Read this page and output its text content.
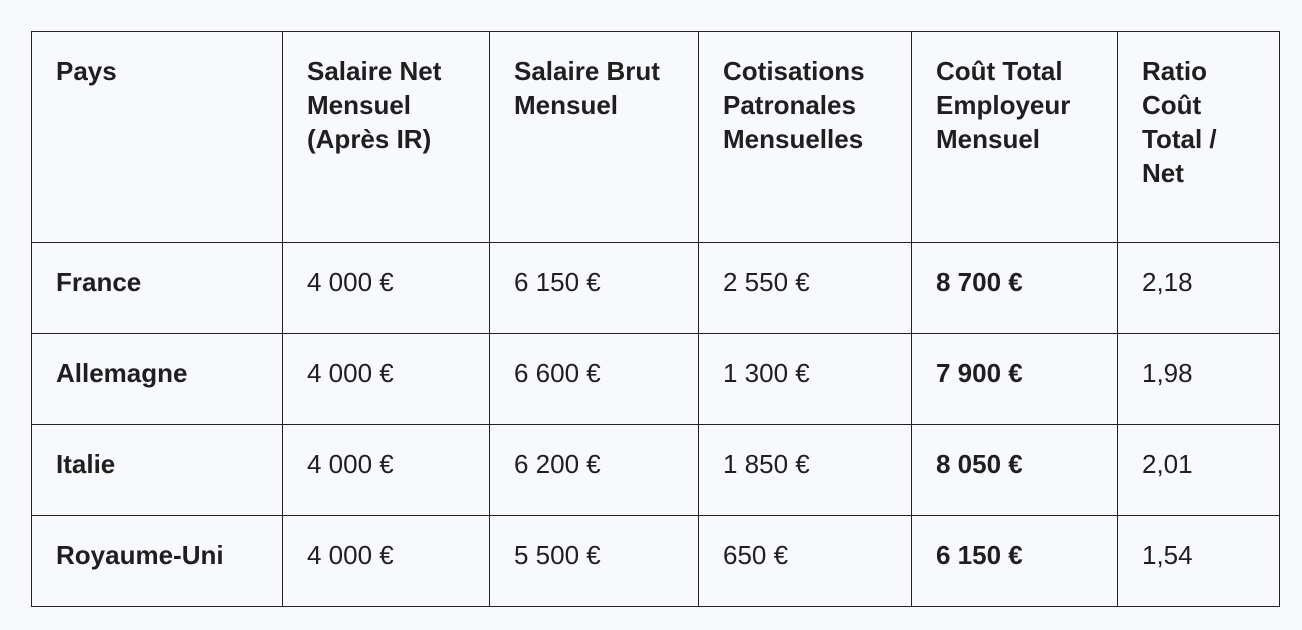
Pays	Salaire Net Mensuel (Après IR)	Salaire Brut Mensuel	Cotisations Patronales Mensuelles	Coût Total Employeur Mensuel	Ratio Coût Total / Net
France	4 000 €	6 150 €	2 550 €	8 700 €	2,18
Allemagne	4 000 €	6 600 €	1 300 €	7 900 €	1,98
Italie	4 000 €	6 200 €	1 850 €	8 050 €	2,01
Royaume-Uni	4 000 €	5 500 €	650 €	6 150 €	1,54
